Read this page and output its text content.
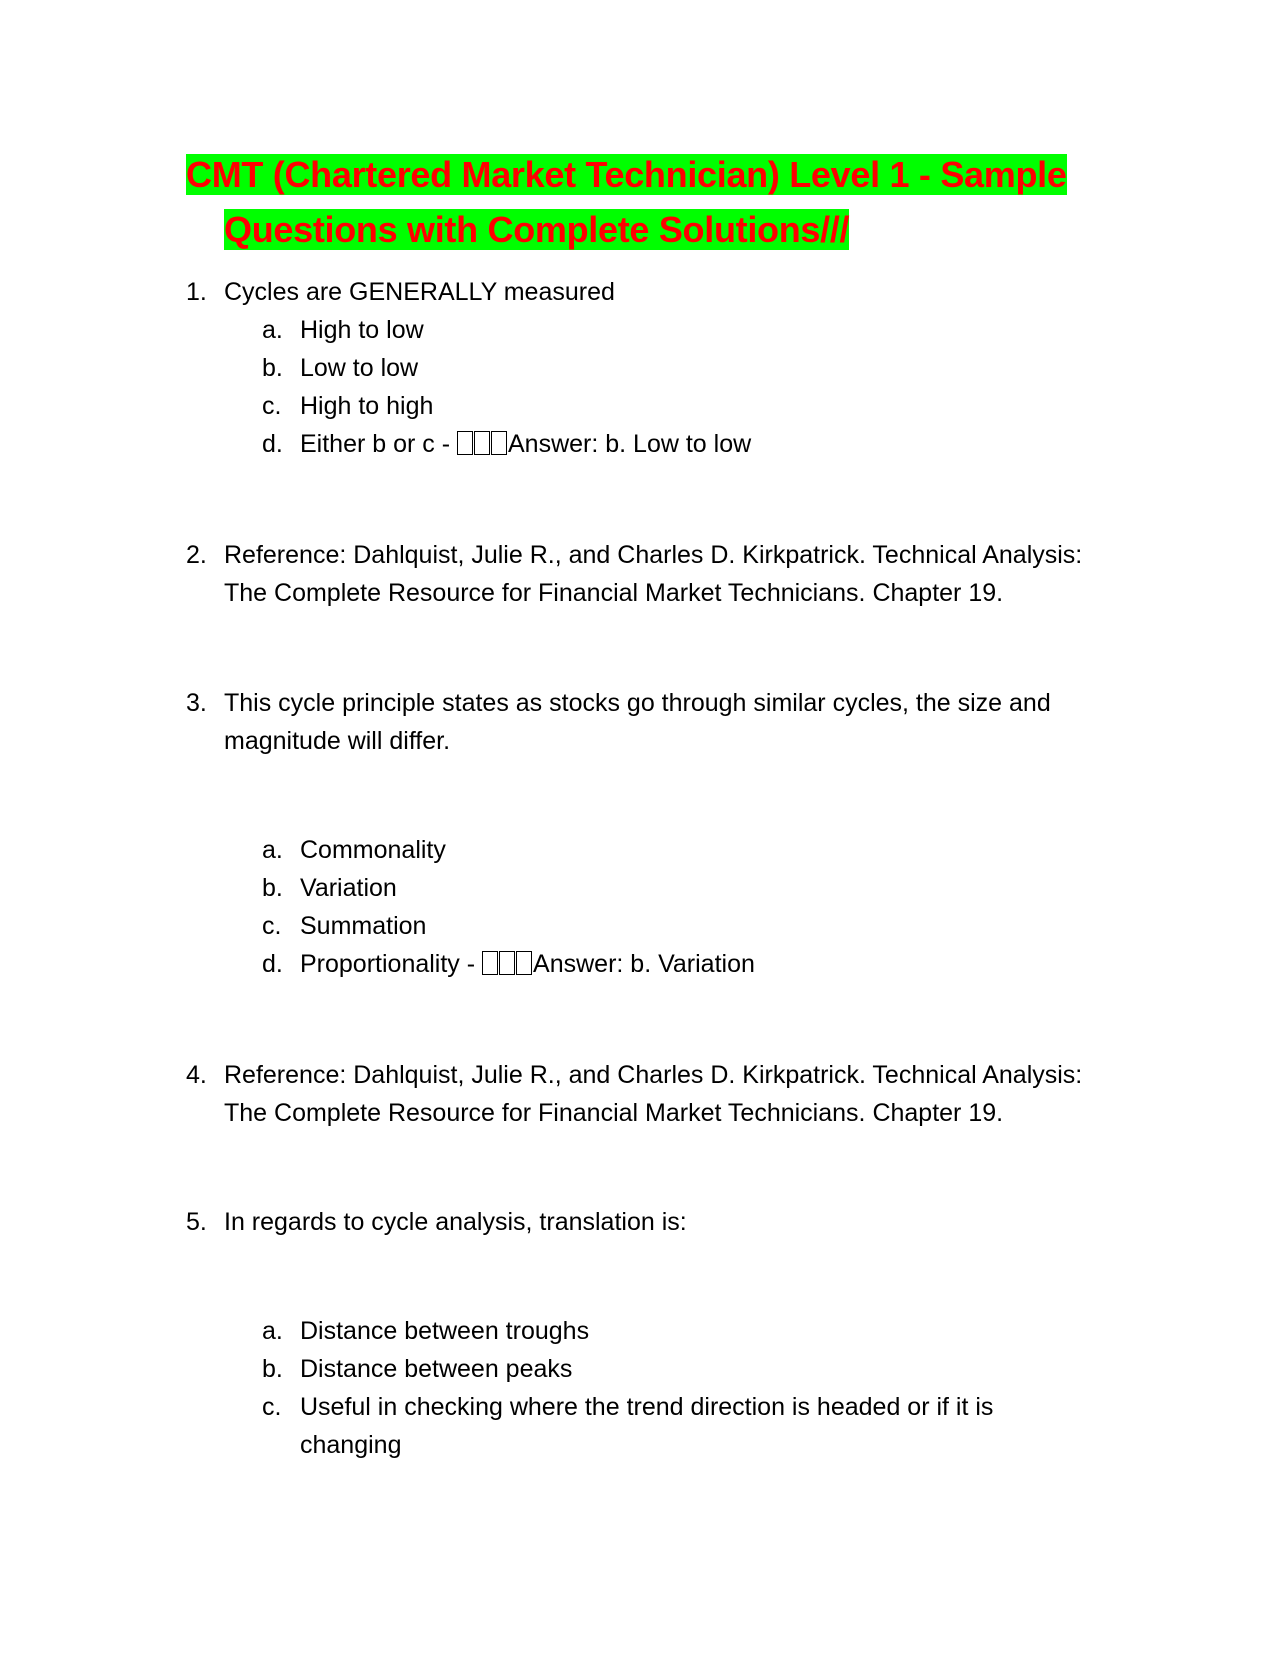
CMT (Chartered Market Technician) Level 1 - Sample
Questions with Complete Solutions///
1. Cycles are GENERALLY measured
a. High to low
b. Low to low
c. High to high
d. Either b or c - Answer: b. Low to low
2. Reference: Dahlquist, Julie R., and Charles D. Kirkpatrick. Technical Analysis: The Complete Resource for Financial Market Technicians. Chapter 19.
3. This cycle principle states as stocks go through similar cycles, the size and magnitude will differ.
a. Commonality
b. Variation
c. Summation
d. Proportionality - Answer: b. Variation
4. Reference: Dahlquist, Julie R., and Charles D. Kirkpatrick. Technical Analysis: The Complete Resource for Financial Market Technicians. Chapter 19.
5. In regards to cycle analysis, translation is:
a. Distance between troughs
b. Distance between peaks
c. Useful in checking where the trend direction is headed or if it is changing
